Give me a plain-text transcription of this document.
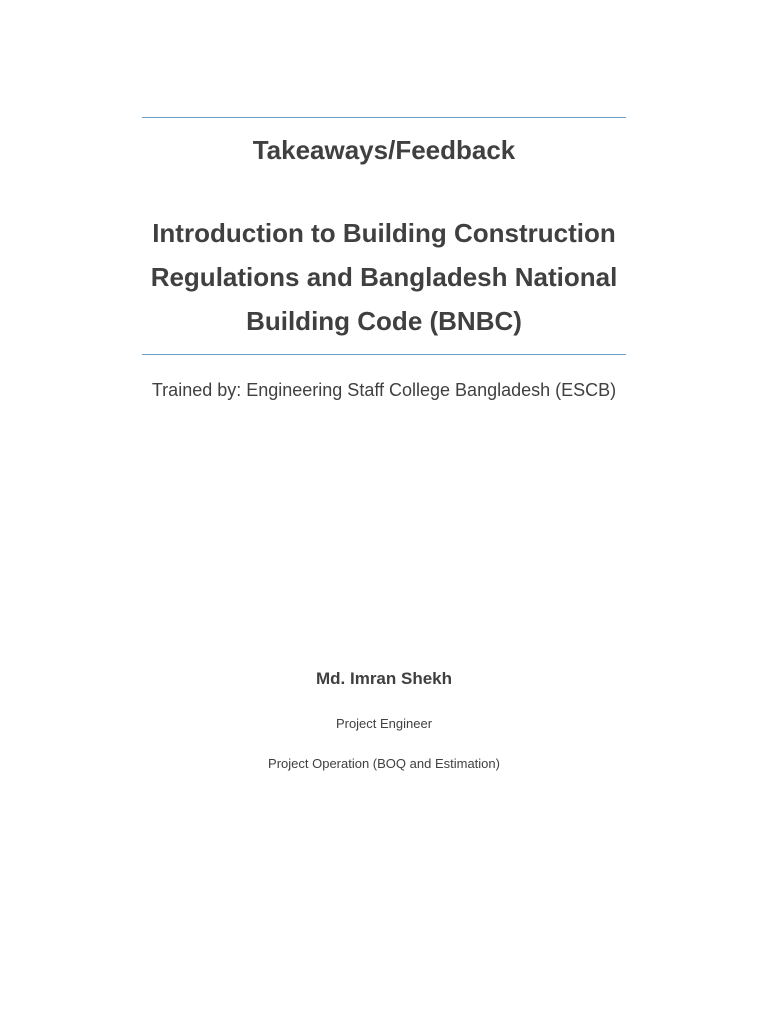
Takeaways/Feedback
Introduction to Building Construction Regulations and Bangladesh National Building Code (BNBC)
Trained by: Engineering Staff College Bangladesh (ESCB)
Md. Imran Shekh
Project Engineer
Project Operation (BOQ and Estimation)
